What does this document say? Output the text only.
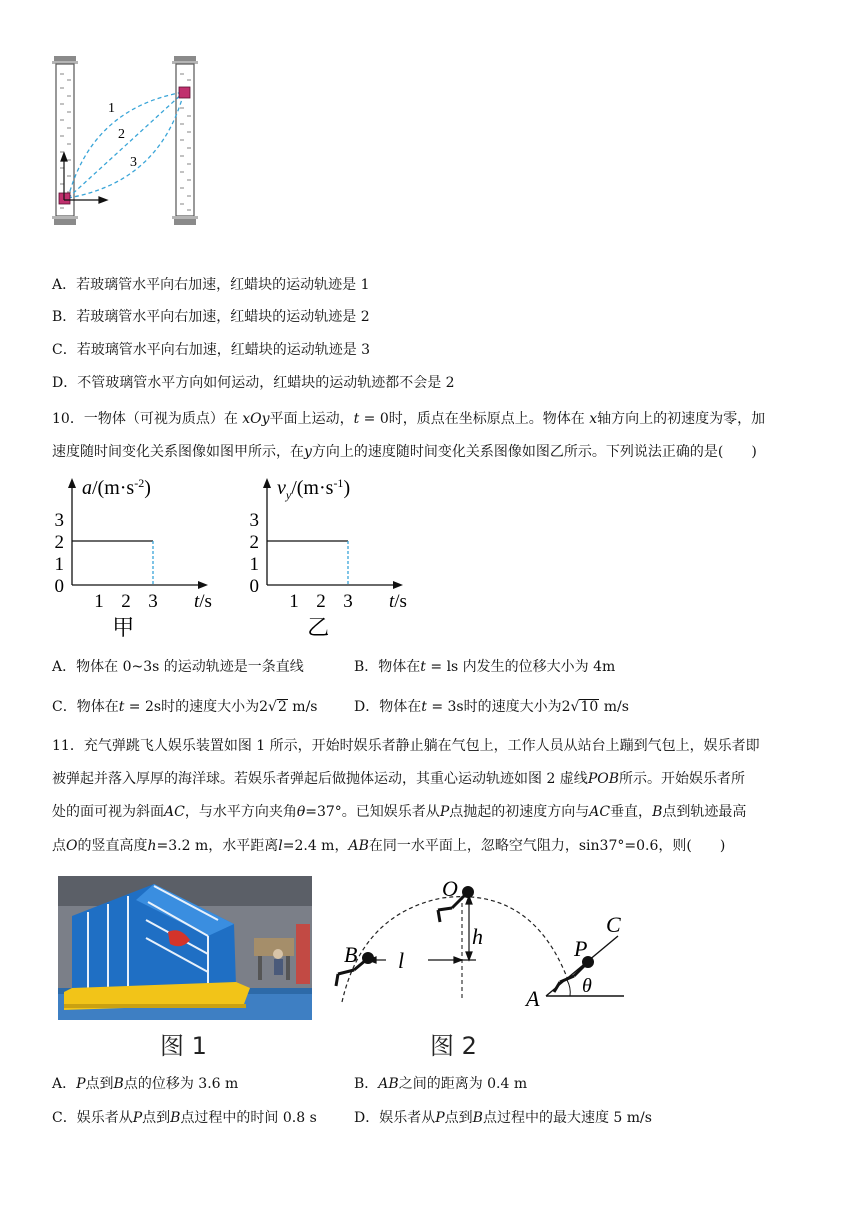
1
2
3
A．若玻璃管水平向右加速，红蜡块的运动轨迹是 1
B．若玻璃管水平向右加速，红蜡块的运动轨迹是 2
C．若玻璃管水平向右加速，红蜡块的运动轨迹是 3
D．不管玻璃管水平方向如何运动，红蜡块的运动轨迹都不会是 2
10．一物体（可视为质点）在 xOy平面上运动，t = 0时，质点在坐标原点上。物体在 x轴方向上的初速度为零，加
速度随时间变化关系图像如图甲所示，在y方向上的速度随时间变化关系图像如图乙所示。下列说法正确的是(　　)
0
1
2
3
1 2 3
$a/(m\cdot s^{-2})$
t/s
甲
0
1
2
3
1 2 3
$v_y/(m\cdot s^{-1})$
t/s
乙
A．物体在 0~3s 的运动轨迹是一条直线	B．物体在t = ls 内发生的位移大小为 4m
C．物体在t = 2s时的速度大小为2√2 m/s	D．物体在t = 3s时的速度大小为2√10 m/s
11．充气弹跳飞人娱乐装置如图 1 所示，开始时娱乐者静止躺在气包上，工作人员从站台上蹦到气包上，娱乐者即
被弹起并落入厚厚的海洋球。若娱乐者弹起后做抛体运动，其重心运动轨迹如图 2 虚线POB所示。开始娱乐者所
处的面可视为斜面AC，与水平方向夹角θ=37°。已知娱乐者从P点抛起的初速度方向与AC垂直，B点到轨迹最高
点O的竖直高度h=3.2 m，水平距离l=2.4 m，AB在同一水平面上，忽略空气阻力，sin37°=0.6，则(　　)
图 1
O
B
h
l	P
C
A θ
图 2
A．P点到B点的位移为 3.6 m	B．AB之间的距离为 0.4 m
C．娱乐者从P点到B点过程中的时间 0.8 s	D．娱乐者从P点到B点过程中的最大速度 5 m/s
